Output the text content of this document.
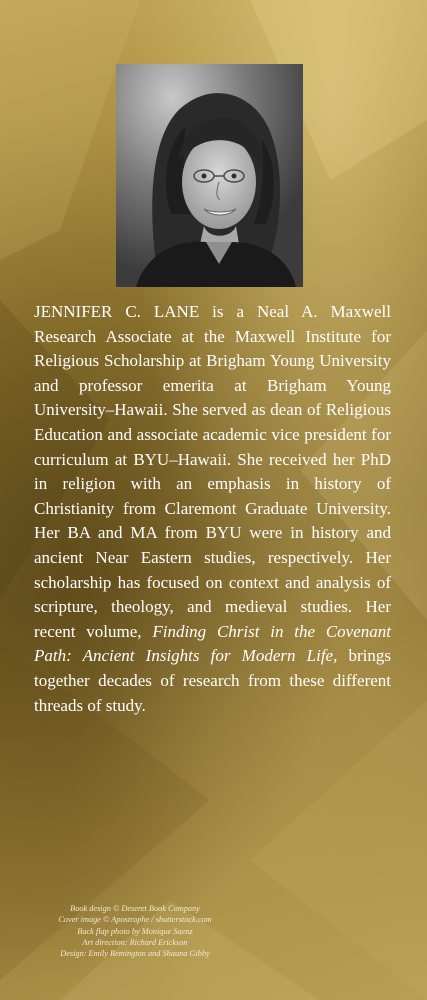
JENNIFER C. LANE is a Neal A. Maxwell Research Associate at the Maxwell Institute for Religious Scholarship at Brigham Young University and professor emerita at Brigham Young University–Hawaii. She served as dean of Religious Education and associate academic vice president for curriculum at BYU–Hawaii. She received her PhD in religion with an emphasis in history of Christianity from Claremont Graduate University. Her BA and MA from BYU were in history and ancient Near Eastern studies, respectively. Her scholarship has focused on context and analysis of scripture, theology, and medieval studies. Her recent volume, Finding Christ in the Covenant Path: Ancient Insights for Modern Life, brings together decades of research from these different threads of study.

Book design © Deseret Book Company
Cover image © Apostrophe / shutterstock.com
Back flap photo by Monique Saenz
Art direction: Richard Erickson
Design: Emily Remington and Shauna Gibby
